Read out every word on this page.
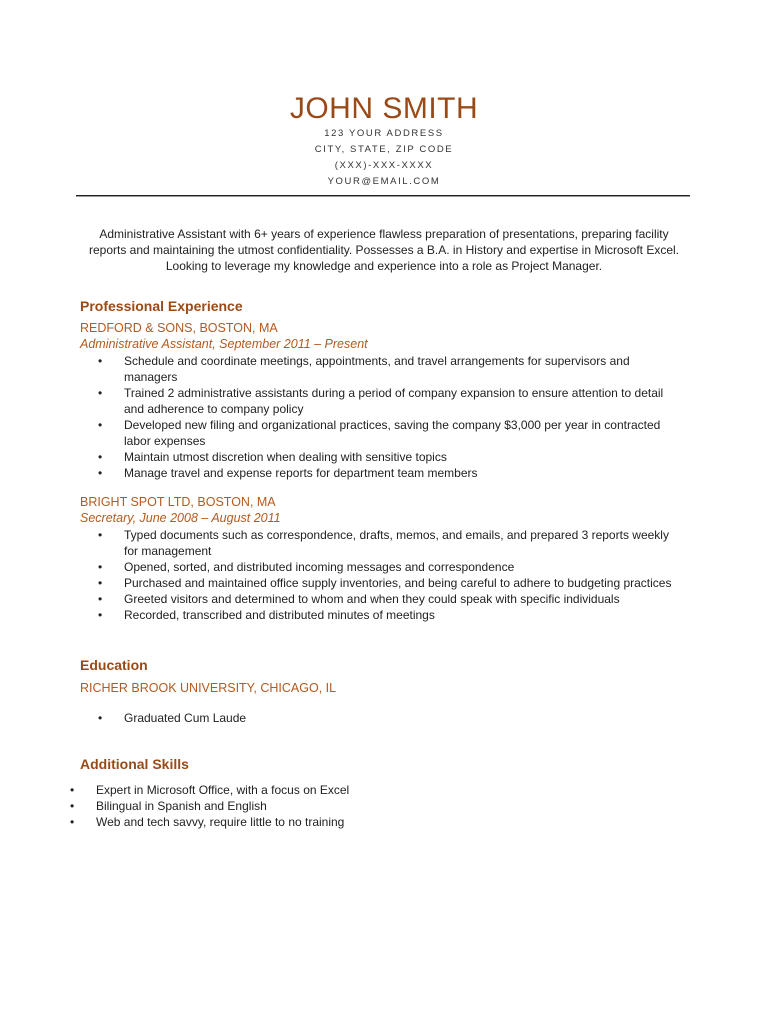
JOHN SMITH
123 YOUR ADDRESS
CITY, STATE, ZIP CODE
(XXX)-XXX-XXXX
YOUR@EMAIL.COM
Administrative Assistant with 6+ years of experience flawless preparation of presentations, preparing facility
reports and maintaining the utmost confidentiality. Possesses a B.A. in History and expertise in Microsoft Excel.
Looking to leverage my knowledge and experience into a role as Project Manager.
Professional Experience
REDFORD & SONS, BOSTON, MA
Administrative Assistant, September 2011 – Present
• Schedule and coordinate meetings, appointments, and travel arrangements for supervisors and
managers
• Trained 2 administrative assistants during a period of company expansion to ensure attention to detail
and adherence to company policy
• Developed new filing and organizational practices, saving the company $3,000 per year in contracted
labor expenses
• Maintain utmost discretion when dealing with sensitive topics
• Manage travel and expense reports for department team members
BRIGHT SPOT LTD, BOSTON, MA
Secretary, June 2008 – August 2011
• Typed documents such as correspondence, drafts, memos, and emails, and prepared 3 reports weekly
for management
• Opened, sorted, and distributed incoming messages and correspondence
• Purchased and maintained office supply inventories, and being careful to adhere to budgeting practices
• Greeted visitors and determined to whom and when they could speak with specific individuals
• Recorded, transcribed and distributed minutes of meetings
Education
RICHER BROOK UNIVERSITY, CHICAGO, IL
• Graduated Cum Laude
Additional Skills
• Expert in Microsoft Office, with a focus on Excel
• Bilingual in Spanish and English
• Web and tech savvy, require little to no training
